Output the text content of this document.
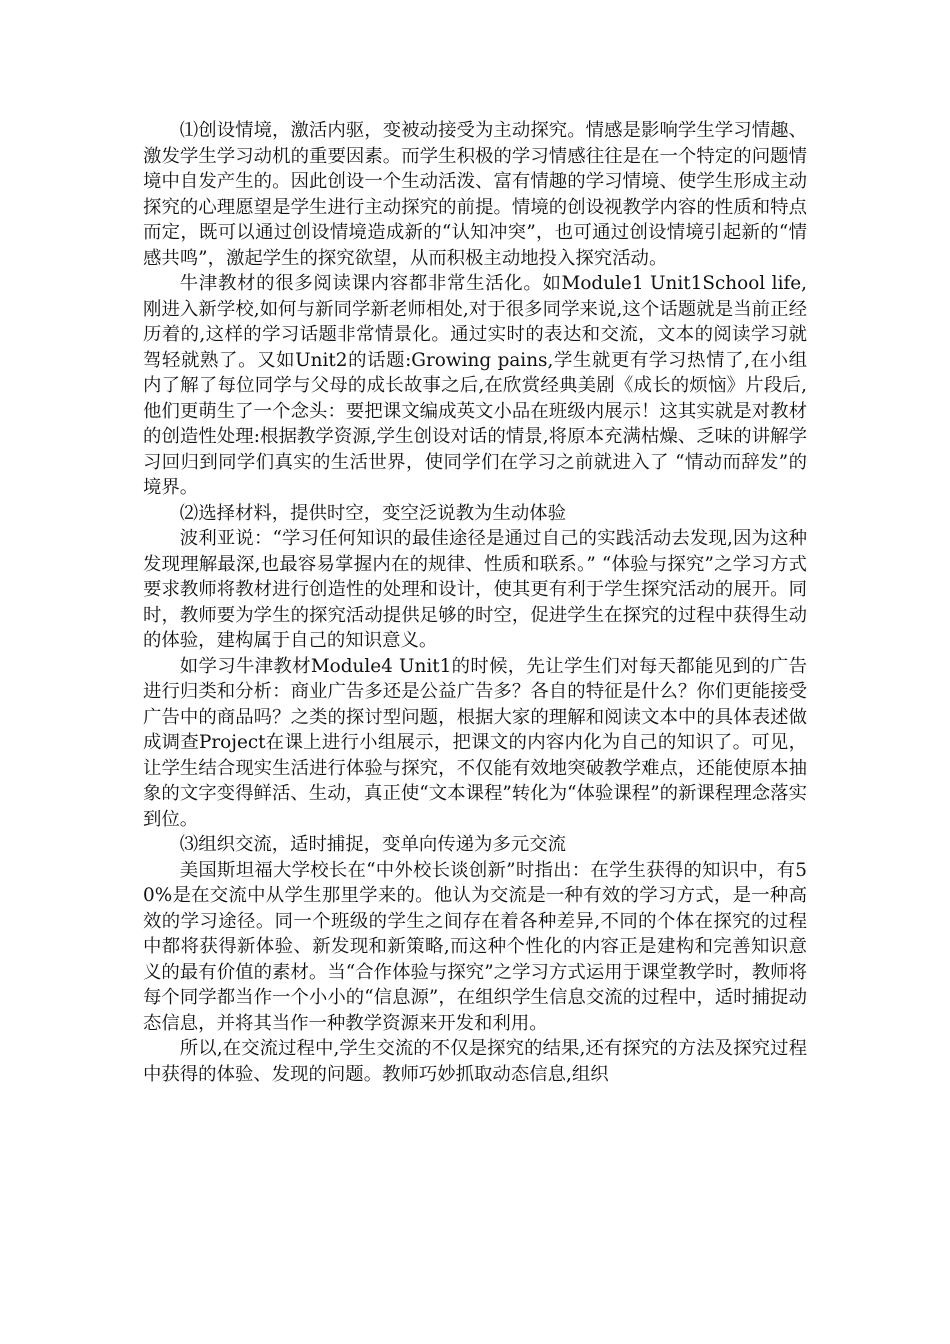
⑴创设情境，激活内驱，变被动接受为主动探究。情感是影响学生学习情趣、激发学生学习动机的重要因素。而学生积极的学习情感往往是在一个特定的问题情境中自发产生的。因此创设一个生动活泼、富有情趣的学习情境、使学生形成主动探究的心理愿望是学生进行主动探究的前提。情境的创设视教学内容的性质和特点而定，既可以通过创设情境造成新的“认知冲突”，也可通过创设情境引起新的“情感共鸣”，激起学生的探究欲望，从而积极主动地投入探究活动。

牛津教材的很多阅读课内容都非常生活化。如Module1 Unit1School life,刚进入新学校,如何与新同学新老师相处,对于很多同学来说,这个话题就是当前正经历着的,这样的学习话题非常情景化。通过实时的表达和交流，文本的阅读学习就驾轻就熟了。又如Unit2的话题:Growing pains,学生就更有学习热情了,在小组内了解了每位同学与父母的成长故事之后,在欣赏经典美剧《成长的烦恼》片段后,他们更萌生了一个念头：要把课文编成英文小品在班级内展示！这其实就是对教材的创造性处理:根据教学资源,学生创设对话的情景,将原本充满枯燥、乏味的讲解学习回归到同学们真实的生活世界，使同学们在学习之前就进入了 “情动而辞发”的境界。

⑵选择材料，提供时空，变空泛说教为生动体验

波利亚说：“学习任何知识的最佳途径是通过自己的实践活动去发现,因为这种发现理解最深,也最容易掌握内在的规律、性质和联系。” “体验与探究”之学习方式要求教师将教材进行创造性的处理和设计，使其更有利于学生探究活动的展开。同时，教师要为学生的探究活动提供足够的时空，促进学生在探究的过程中获得生动的体验，建构属于自己的知识意义。

如学习牛津教材Module4 Unit1的时候，先让学生们对每天都能见到的广告进行归类和分析：商业广告多还是公益广告多？各自的特征是什么？你们更能接受广告中的商品吗？之类的探讨型问题，根据大家的理解和阅读文本中的具体表述做成调查Project在课上进行小组展示，把课文的内容内化为自己的知识了。可见，让学生结合现实生活进行体验与探究，不仅能有效地突破教学难点，还能使原本抽象的文字变得鲜活、生动，真正使“文本课程”转化为“体验课程”的新课程理念落实到位。

⑶组织交流，适时捕捉，变单向传递为多元交流

美国斯坦福大学校长在“中外校长谈创新”时指出：在学生获得的知识中，有50%是在交流中从学生那里学来的。他认为交流是一种有效的学习方式，是一种高效的学习途径。同一个班级的学生之间存在着各种差异,不同的个体在探究的过程中都将获得新体验、新发现和新策略,而这种个性化的内容正是建构和完善知识意义的最有价值的素材。当“合作体验与探究”之学习方式运用于课堂教学时，教师将每个同学都当作一个小小的“信息源”，在组织学生信息交流的过程中，适时捕捉动态信息，并将其当作一种教学资源来开发和利用。

所以,在交流过程中,学生交流的不仅是探究的结果,还有探究的方法及探究过程中获得的体验、发现的问题。教师巧妙抓取动态信息,组织
